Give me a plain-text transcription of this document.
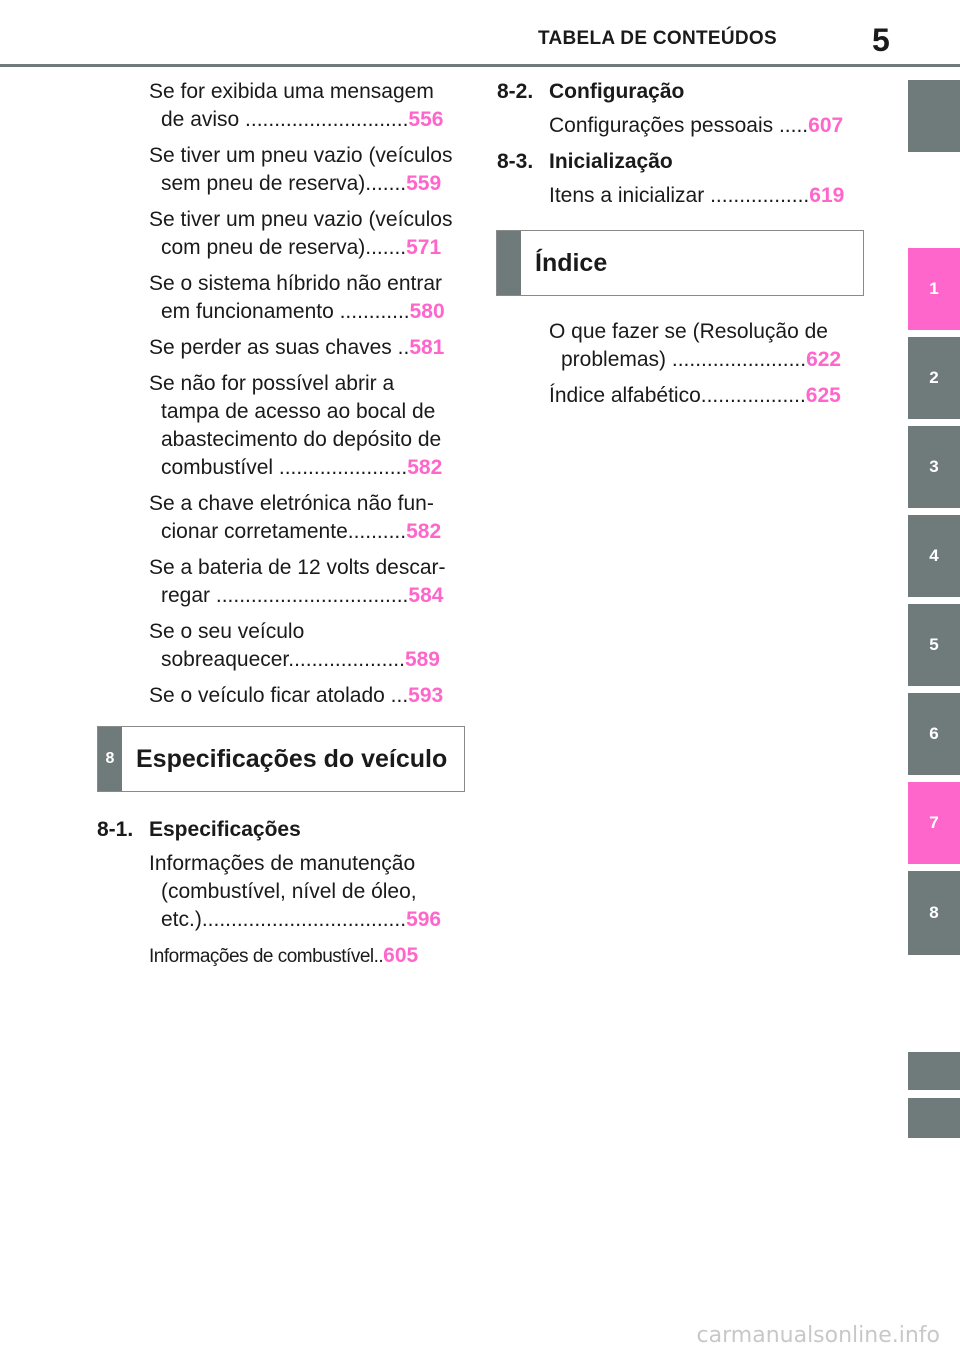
TABELA DE CONTEÚDOS	5
1
2
3
4
5
6
7
8
Se for exibida uma mensagem
de aviso ............................556
Se tiver um pneu vazio (veículos
sem pneu de reserva).......559
Se tiver um pneu vazio (veículos
com pneu de reserva).......571
Se o sistema híbrido não entrar
em funcionamento ............580
Se perder as suas chaves ..581
Se não for possível abrir a
tampa de acesso ao bocal de
abastecimento do depósito de
combustível ......................582
Se a chave eletrónica não fun-
cionar corretamente..........582
Se a bateria de 12 volts descar-
regar .................................584
Se o seu veículo
sobreaquecer....................589
Se o veículo ficar atolado ...593
8 Especificações do veículo
8-1. Especificações
Informações de manutenção
(combustível, nível de óleo,
etc.)...................................596
Informações de combustível..605
8-2. Configuração
Configurações pessoais .....607
8-3. Inicialização
Itens a inicializar .................619
Índice
O que fazer se (Resolução de
problemas) .......................622
Índice alfabético..................625
carmanualsonline.info
